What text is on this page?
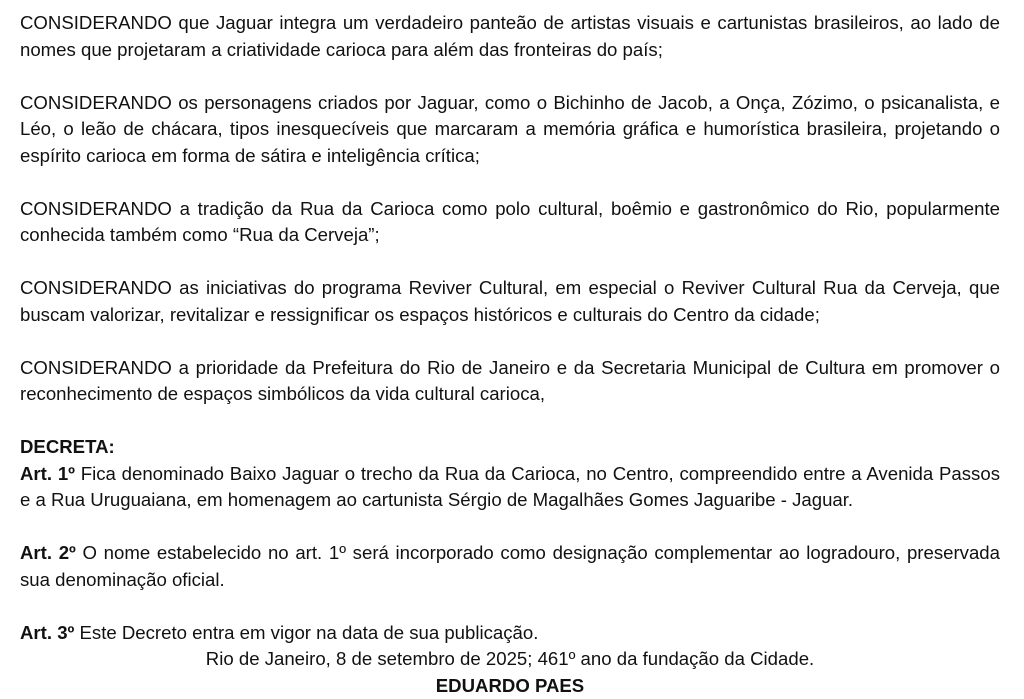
CONSIDERANDO que Jaguar integra um verdadeiro panteão de artistas visuais e cartunistas brasileiros, ao lado de nomes que projetaram a criatividade carioca para além das fronteiras do país;

CONSIDERANDO os personagens criados por Jaguar, como o Bichinho de Jacob, a Onça, Zózimo, o psicanalista, e Léo, o leão de chácara, tipos inesquecíveis que marcaram a memória gráfica e humorística brasileira, projetando o espírito carioca em forma de sátira e inteligência crítica;

CONSIDERANDO a tradição da Rua da Carioca como polo cultural, boêmio e gastronômico do Rio, popularmente conhecida também como “Rua da Cerveja”;

CONSIDERANDO as iniciativas do programa Reviver Cultural, em especial o Reviver Cultural Rua da Cerveja, que buscam valorizar, revitalizar e ressignificar os espaços históricos e culturais do Centro da cidade;

CONSIDERANDO a prioridade da Prefeitura do Rio de Janeiro e da Secretaria Municipal de Cultura em promover o reconhecimento de espaços simbólicos da vida cultural carioca,

DECRETA:

Art. 1º Fica denominado Baixo Jaguar o trecho da Rua da Carioca, no Centro, compreendido entre a Avenida Passos e a Rua Uruguaiana, em homenagem ao cartunista Sérgio de Magalhães Gomes Jaguaribe - Jaguar.

Art. 2º O nome estabelecido no art. 1º será incorporado como designação complementar ao logradouro, preservada sua denominação oficial.

Art. 3º Este Decreto entra em vigor na data de sua publicação.

Rio de Janeiro, 8 de setembro de 2025; 461º ano da fundação da Cidade.

EDUARDO PAES
